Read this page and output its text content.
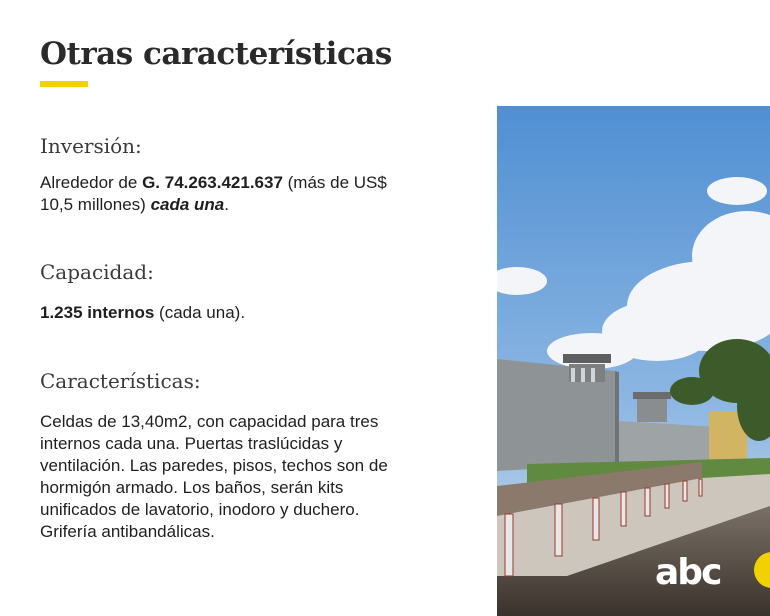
Otras características
Inversión:

Alrededor de G. 74.263.421.637 (más de US$ 10,5 millones) cada una.

Capacidad:

1.235 internos (cada una).

Características:

Celdas de 13,40m2, con capacidad para tres internos cada una. Puertas traslúcidas y ventilación. Las paredes, pisos, techos son de hormigón armado. Los baños, serán kits unificados de lavatorio, inodoro y duchero. Grifería antibandálicas.

abc
